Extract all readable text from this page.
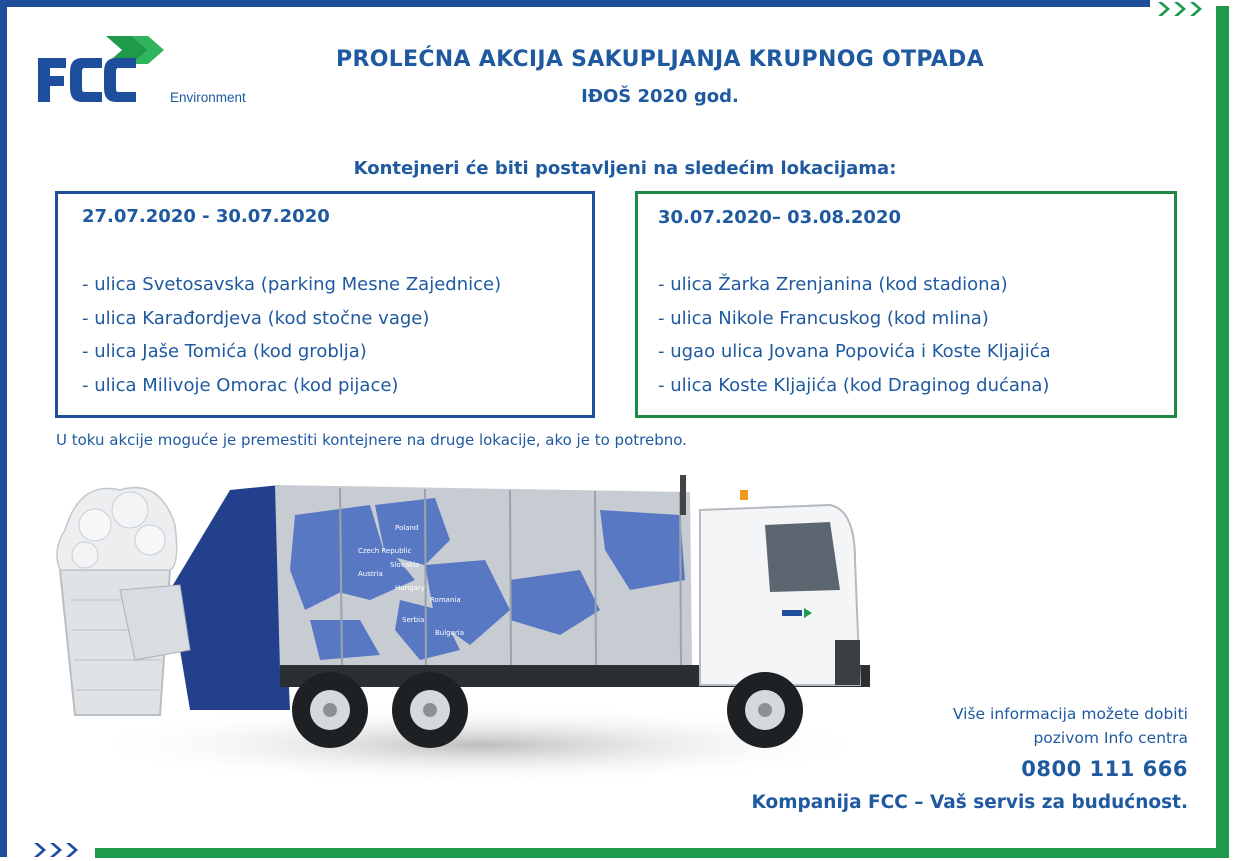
Environment
PROLEĆNA AKCIJA SAKUPLJANJA KRUPNOG OTPADA
IĐOŠ 2020 god.
Kontejneri će biti postavljeni na sledećim lokacijama:
27.07.2020 - 30.07.2020
- ulica Svetosavska (parking Mesne Zajednice)
- ulica Karađordjeva (kod stočne vage)
- ulica Jaše Tomića (kod groblja)
- ulica Milivoje Omorac (kod pijace)
30.07.2020– 03.08.2020
- ulica Žarka Zrenjanina (kod stadiona)
- ulica Nikole Francuskog (kod mlina)
- ugao ulica Jovana Popovića i Koste Kljajića
- ulica Koste Kljajića (kod Draginog dućana)
U toku akcije moguće je premestiti kontejnere na druge lokacije, ako je to potrebno.
Poland
Czech Republic
Slovakia
Austria
Hungary
Romania
Serbia
Bulgaria
Više informacija možete dobiti
pozivom Info centra
0800 111 666
Kompanija FCC – Vaš servis za budućnost.
